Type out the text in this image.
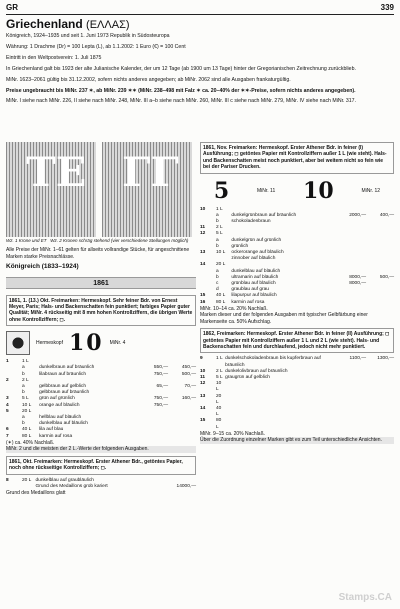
GR	339
Griechenland (ΕΛΛΑΣ)

Königreich, 1924–1935 und seit 1. Juni 1973 Republik in Südosteuropa

Währung: 1 Drachme (Dr) = 100 Lepta (L), ab 1.1.2002: 1 Euro (€) = 100 Cent

Eintritt in den Weltpostverein: 1. Juli 1875

In Griechenland galt bis 1923 der alte Julianische Kalender, der um 12 Tage (ab 1900 um 13 Tage) hinter der Gregorianischen Zeitrechnung zurückblieb.

MiNr. 1623–2061 gültig bis 31.12.2002, sofern nichts anderes angegeben; ab MiNr. 2062 sind alle Ausgaben frankaturgültig.

Preise ungebraucht bis MiNr. 237 ✶, ab MiNr. 239 ✶✶ (MiNr. 238–498 mit Falz ✶ ca. 20–40% der ✶✶-Preise, sofern nichts anderes angegeben).

MiNr. I siehe nach MiNr. 226, II siehe nach MiNr. 248, MiNr. III a–b siehe nach MiNr. 260, MiNr. III c siehe nach MiNr. 279, MiNr. IV siehe nach MiNr. 317.

TE ΓΓ
Wz. 1 Krone und ET Wz. 2 Kronen schräg stehend (vier verschiedene Stellungen möglich)

Alle Preise der MiNr. 1–61 gelten für allseits vollrandige Stücke, für angeschnittene Marken starke Preisnachlässe.

Königreich (1833–1924)
1861

1861, 1. (13.) Okt. Freimarken: Hermeskopf. Sehr feiner Bdr. von Ernest Meyer, Paris; Hals- und Backenschatten fein punktiert; farbiges Papier guter Qualität; MiNr. 4 rückseitig mit 8 mm hohen Kontrollziffern, die übrigen Werte ohne Kontrollziffern; ◻.

Hermeskopf 10 MiNr. 4
1	1 L			
	a	dunkelbraun auf bräunlich	550,—	450,—
	b	lilabraun auf bräunlich	750,—	500,—
2	2 L			
	a	gelbbraun auf gelblich	65,—	70,—
	b	gelbbraun auf bräunlich		
3	5 L	grün auf grünlich	750,—	160,—
4	10 L	orange auf bläulich	750,—	
5	20 L			
	a	hellblau auf bläulich		
	b	dunkelblau auf bläulich		
6	40 L	lila auf blau		
7	80 L	karmin auf rosa		

(✶) ca. 40% Nachlaß.

MiNr. 2 und die meisten der 2 L.-Werte der folgenden Ausgaben.

1861, Okt. Freimarken: Hermeskopf. Erster Athener Bdr., getöntes Papier, noch ohne rückseitige Kontrollziffern; ◻.

8	20 L	dunkelblau auf graubläulich		
		Grund des Medaillons grob kariert		14000,—

Grund des Medaillons glatt

1861, Nov. Freimarken: Hermeskopf. Erster Athener Bdr. in feiner (I) Ausführung; ◻ getöntes Papier mit Kontrollziffern außer 1 L (wie steht). Hals- und Backenschatten meist noch punktiert, aber bei weitem nicht so fein wie bei der Pariser Drucken.

5	MiNr. 11 10	MiNr. 12
10	1 L			
	a	dunkelgrünbraun auf bräunlich	2000,—	400,—
	b	schokoladenbraun		
11	2 L			
12	5 L			
	a	dunkelgrün auf grünlich		
	b	grünlich		
13	10 L	ockerorange auf bläulich		
		zinnober auf bläulich		
14	20 L			
	a	dunkelblau auf bläulich		
	b	ultramarin auf bläulich	8000,—	500,—
	c	grünblau auf bläulich	8000,—	
	d	graublau auf grau		
15	40 L	lilapurpur auf bläulich		
16	80 L	karmin auf rosa		

MiNr. 10–14 ca. 20% Nachlaß.

Marken dieser und der folgenden Ausgaben mit typischer Gelbfärbung einer Markenseite ca. 50% Aufschlag.

1862, Freimarken: Hermeskopf. Erster Athener Bdr. in feiner (II) Ausführung; ◻ getöntes Papier mit Kontrollziffern außer 1 L und 2 L (wie steht). Hals- und Backenschatten fein und durchlaufend, jedoch nicht mehr punktiert.

9	1 L	dunkelschokoladenbraun bis kupferbraun auf bräunlich	1100,—	1300,—
10	2 L	dunkelolivbraun auf bräunlich		
11	5 L	graugrün auf gelblich		
12	10 L			
13	20 L			
14	40 L			
15	80 L			

MiNr. 9–15 ca. 20% Nachlaß.

Über die Zuordnung einzelner Marken gibt es zum Teil unterschiedliche Ansichten.

Stamps.CA
